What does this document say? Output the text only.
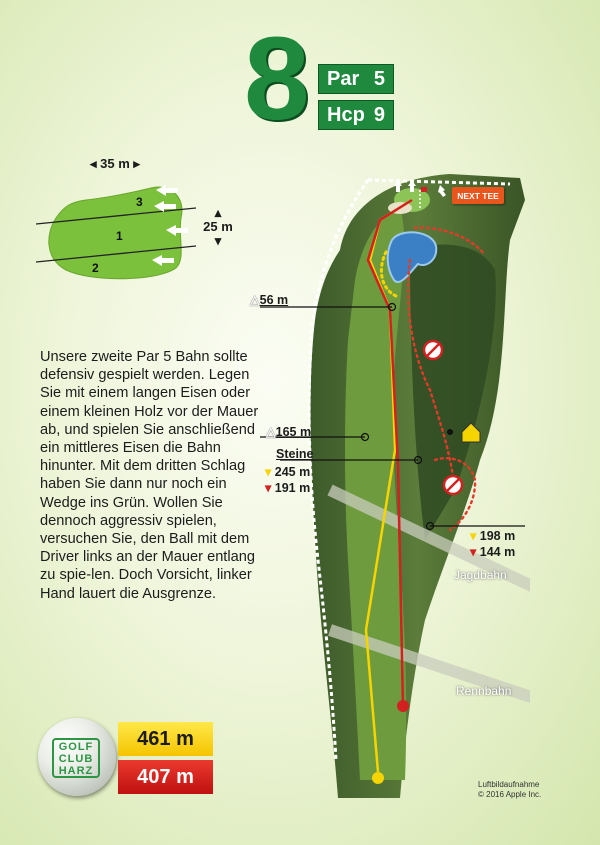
8 Par 5
Hcp 9
◂ 35 m ▸
▴
25 m
▾
3
1
2
Unsere zweite Par 5 Bahn sollte defensiv gespielt werden. Legen Sie mit einem langen Eisen oder einem kleinen Holz vor der Mauer ab, und spielen Sie anschließend ein mittleres Eisen die Bahn hinunter. Mit dem dritten Schlag haben Sie dann nur noch ein Wedge ins Grün. Wollen Sie dennoch aggressiv spielen, versuchen Sie, den Ball mit dem Driver links an der Mauer entlang zu spie-len. Doch Vorsicht, linker Hand lauert die Ausgrenze.
NEXT TEE
△56 m
△165 m
Steine
▾ 245 m
▾ 191 m
▾ 198 m
▾ 144 m
Jagdbahn
Rennbahn
GOLF
CLUB
HARZ
461 m
407 m	Luftbildaufnahme
© 2016 Apple Inc.
